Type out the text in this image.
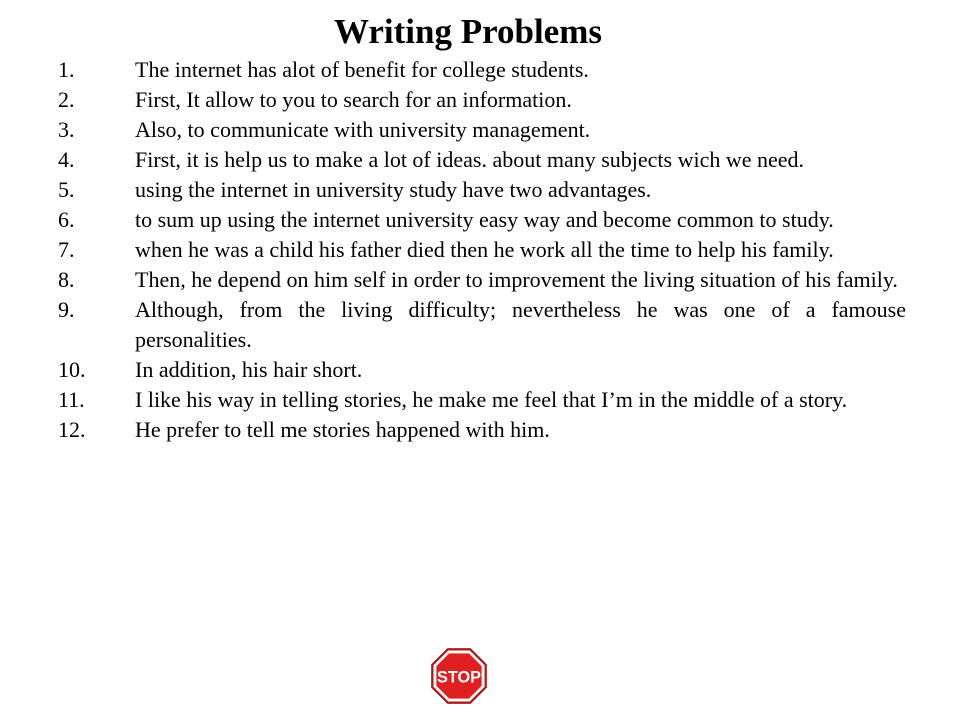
Writing Problems
1.	The internet has alot of benefit for college students.
2.	First, It allow to you to search for an information.
3.	Also, to communicate with university management.
4.	First, it is help us to make a lot of ideas. about many subjects wich we need.
5.	using the internet in university study have two advantages.
6.	to sum up using the internet university easy way and become common to study.
7.	when he was a child his father died then he work all the time to help his family.
8.	Then, he depend on him self in order to improvement the living situation of his family.
9.	Although, from the living difficulty; nevertheless he was one of a famouse personalities.
10. In addition, his hair short.
11. I like his way in telling stories, he make me feel that I’m in the middle of a story.
12. He prefer to tell me stories happened with him.
STOP
